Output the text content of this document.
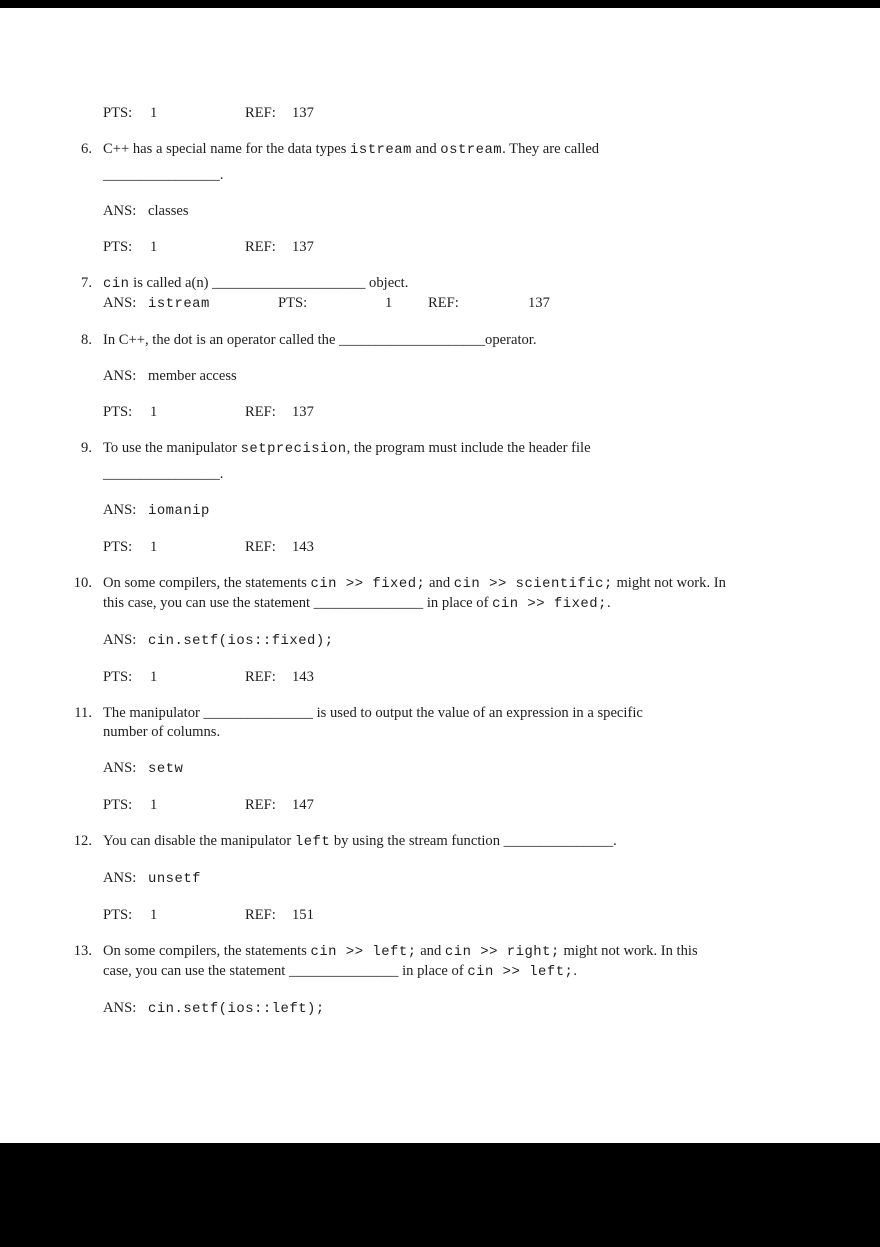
PTS: 1	REF: 137
6. C++ has a special name for the data types istream and ostream. They are called
________________.
ANS: classes
PTS: 1	REF: 137
7. cin is called a(n) _____________________ object.
ANS: istream	PTS:	1 REF:	137
8. In C++, the dot is an operator called the ____________________operator.
ANS: member access
PTS: 1	REF: 137
9. To use the manipulator setprecision, the program must include the header file
________________.
ANS: iomanip
PTS: 1	REF: 143
10. On some compilers, the statements cin >> fixed; and cin >> scientific; might not work. In
this case, you can use the statement _______________ in place of cin >> fixed;.
ANS: cin.setf(ios::fixed);
PTS: 1	REF: 143
11. The manipulator _______________ is used to output the value of an expression in a specific
number of columns.
ANS: setw
PTS: 1	REF: 147
12. You can disable the manipulator left by using the stream function _______________.
ANS: unsetf
PTS: 1	REF: 151
13. On some compilers, the statements cin >> left; and cin >> right; might not work. In this
case, you can use the statement _______________ in place of cin >> left;.
ANS: cin.setf(ios::left);
